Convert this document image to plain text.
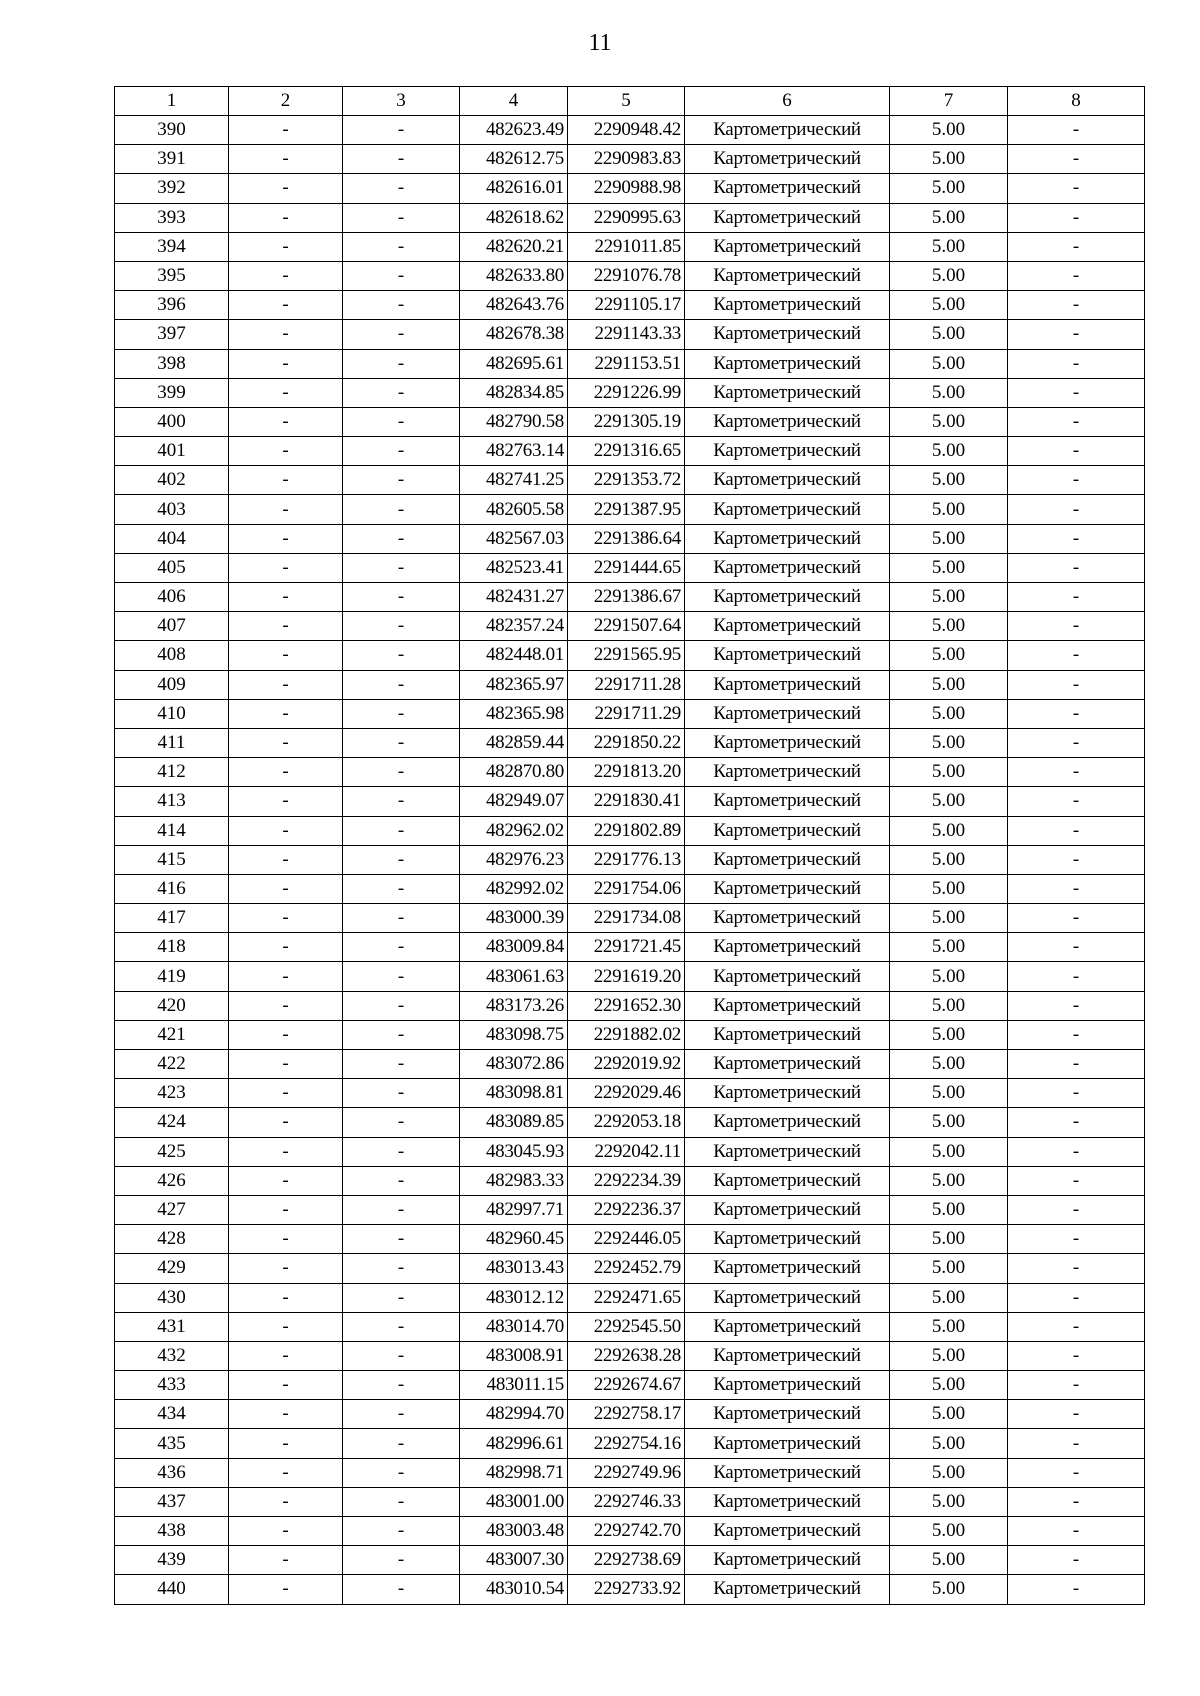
11
1	2	3	4	5	6	7	8
390	-	-	482623.49	2290948.42	Картометрический	5.00	-
391	-	-	482612.75	2290983.83	Картометрический	5.00	-
392	-	-	482616.01	2290988.98	Картометрический	5.00	-
393	-	-	482618.62	2290995.63	Картометрический	5.00	-
394	-	-	482620.21	2291011.85	Картометрический	5.00	-
395	-	-	482633.80	2291076.78	Картометрический	5.00	-
396	-	-	482643.76	2291105.17	Картометрический	5.00	-
397	-	-	482678.38	2291143.33	Картометрический	5.00	-
398	-	-	482695.61	2291153.51	Картометрический	5.00	-
399	-	-	482834.85	2291226.99	Картометрический	5.00	-
400	-	-	482790.58	2291305.19	Картометрический	5.00	-
401	-	-	482763.14	2291316.65	Картометрический	5.00	-
402	-	-	482741.25	2291353.72	Картометрический	5.00	-
403	-	-	482605.58	2291387.95	Картометрический	5.00	-
404	-	-	482567.03	2291386.64	Картометрический	5.00	-
405	-	-	482523.41	2291444.65	Картометрический	5.00	-
406	-	-	482431.27	2291386.67	Картометрический	5.00	-
407	-	-	482357.24	2291507.64	Картометрический	5.00	-
408	-	-	482448.01	2291565.95	Картометрический	5.00	-
409	-	-	482365.97	2291711.28	Картометрический	5.00	-
410	-	-	482365.98	2291711.29	Картометрический	5.00	-
411	-	-	482859.44	2291850.22	Картометрический	5.00	-
412	-	-	482870.80	2291813.20	Картометрический	5.00	-
413	-	-	482949.07	2291830.41	Картометрический	5.00	-
414	-	-	482962.02	2291802.89	Картометрический	5.00	-
415	-	-	482976.23	2291776.13	Картометрический	5.00	-
416	-	-	482992.02	2291754.06	Картометрический	5.00	-
417	-	-	483000.39	2291734.08	Картометрический	5.00	-
418	-	-	483009.84	2291721.45	Картометрический	5.00	-
419	-	-	483061.63	2291619.20	Картометрический	5.00	-
420	-	-	483173.26	2291652.30	Картометрический	5.00	-
421	-	-	483098.75	2291882.02	Картометрический	5.00	-
422	-	-	483072.86	2292019.92	Картометрический	5.00	-
423	-	-	483098.81	2292029.46	Картометрический	5.00	-
424	-	-	483089.85	2292053.18	Картометрический	5.00	-
425	-	-	483045.93	2292042.11	Картометрический	5.00	-
426	-	-	482983.33	2292234.39	Картометрический	5.00	-
427	-	-	482997.71	2292236.37	Картометрический	5.00	-
428	-	-	482960.45	2292446.05	Картометрический	5.00	-
429	-	-	483013.43	2292452.79	Картометрический	5.00	-
430	-	-	483012.12	2292471.65	Картометрический	5.00	-
431	-	-	483014.70	2292545.50	Картометрический	5.00	-
432	-	-	483008.91	2292638.28	Картометрический	5.00	-
433	-	-	483011.15	2292674.67	Картометрический	5.00	-
434	-	-	482994.70	2292758.17	Картометрический	5.00	-
435	-	-	482996.61	2292754.16	Картометрический	5.00	-
436	-	-	482998.71	2292749.96	Картометрический	5.00	-
437	-	-	483001.00	2292746.33	Картометрический	5.00	-
438	-	-	483003.48	2292742.70	Картометрический	5.00	-
439	-	-	483007.30	2292738.69	Картометрический	5.00	-
440	-	-	483010.54	2292733.92	Картометрический	5.00	-
